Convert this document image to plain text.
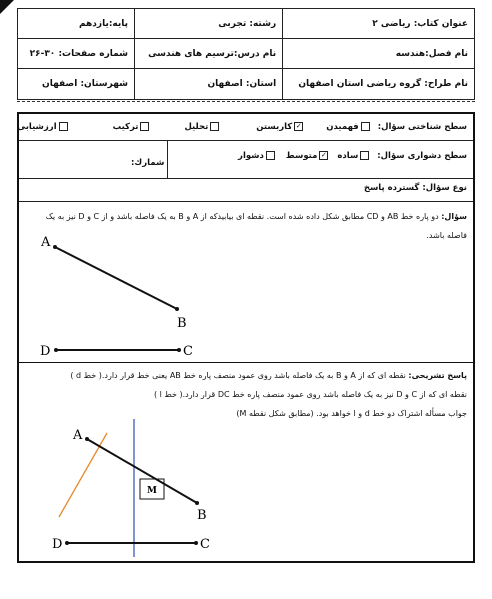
پایه:یازدهم	رشته: تجربی	عنوان کتاب: ریاضی ۲
شماره صفحات: ۳۰-۲۶	نام درس:ترسیم های هندسی	نام فصل:هندسه
شهرستان: اصفهان	استان: اصفهان	نام طراح: گروه ریاضی استان اصفهان
سطح شناختی سؤال: فهمیدن ✓کاربستن تحلیل ترکیب ارزشیابی
سطح دشواری سؤال: ساده ✓متوسط دشوار
شمارك:
نوع سؤال: گسترده پاسخ
سؤال: دو پاره خط AB و CD مطابق شکل داده شده است. نقطه ای بیابیدکه از A و B به یک فاصله باشد و از C و D نیز به یک فاصله باشد.
A
B
D	C
پاسخ تشریحی: نقطه ای که از A و B به یک فاصله باشد روی عمود منصف پاره خط AB یعنی خط قرار دارد.( خط d )
نقطه ای که از C و D نیز به یک فاصله باشد روی عمود منصف پاره خط DC قرار دارد.( خط l )
جواب مسأله اشتراک دو خط d و l خواهد بود. (مطابق شکل نقطه M)
A
B
M
D	C
